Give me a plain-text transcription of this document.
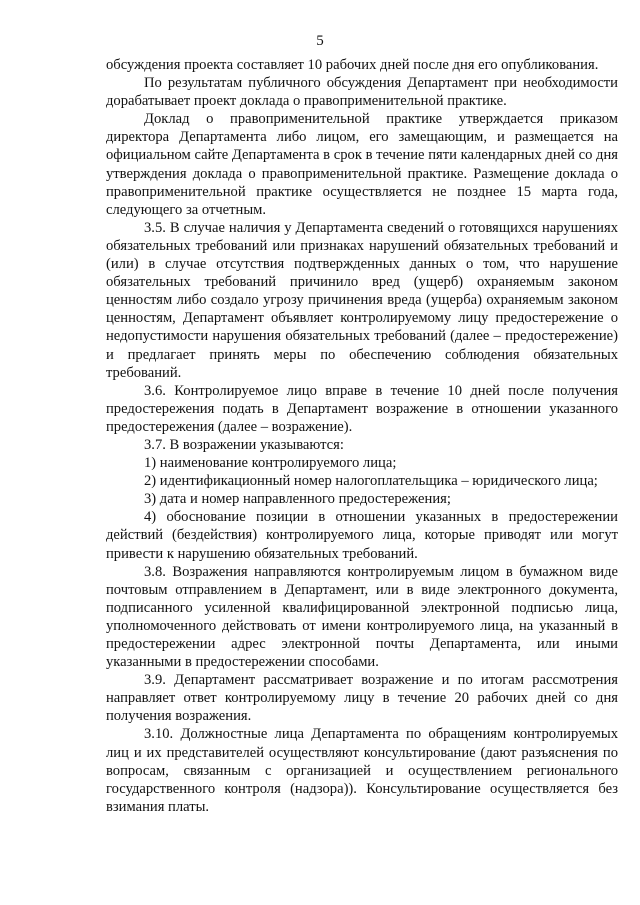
5

обсуждения проекта составляет 10 рабочих дней после дня его опубликования.

По результатам публичного обсуждения Департамент при необходимости дорабатывает проект доклада о правоприменительной практике.

Доклад о правоприменительной практике утверждается приказом директора Департамента либо лицом, его замещающим, и размещается на официальном сайте Департамента в срок в течение пяти календарных дней со дня утверждения доклада о правоприменительной практике. Размещение доклада о правоприменительной практике осуществляется не позднее 15 марта года, следующего за отчетным.

3.5. В случае наличия у Департамента сведений о готовящихся нарушениях обязательных требований или признаках нарушений обязательных требований и (или) в случае отсутствия подтвержденных данных о том, что нарушение обязательных требований причинило вред (ущерб) охраняемым законом ценностям либо создало угрозу причинения вреда (ущерба) охраняемым законом ценностям, Департамент объявляет контролируемому лицу предостережение о недопустимости нарушения обязательных требований (далее – предостережение) и предлагает принять меры по обеспечению соблюдения обязательных требований.

3.6. Контролируемое лицо вправе в течение 10 дней после получения предостережения подать в Департамент возражение в отношении указанного предостережения (далее – возражение).

3.7. В возражении указываются:

1) наименование контролируемого лица;

2) идентификационный номер налогоплательщика – юридического лица;

3) дата и номер направленного предостережения;

4) обоснование позиции в отношении указанных в предостережении действий (бездействия) контролируемого лица, которые приводят или могут привести к нарушению обязательных требований.

3.8. Возражения направляются контролируемым лицом в бумажном виде почтовым отправлением в Департамент, или в виде электронного документа, подписанного усиленной квалифицированной электронной подписью лица, уполномоченного действовать от имени контролируемого лица, на указанный в предостережении адрес электронной почты Департамента, или иными указанными в предостережении способами.

3.9. Департамент рассматривает возражение и по итогам рассмотрения направляет ответ контролируемому лицу в течение 20 рабочих дней со дня получения возражения.

3.10. Должностные лица Департамента по обращениям контролируемых лиц и их представителей осуществляют консультирование (дают разъяснения по вопросам, связанным с организацией и осуществлением регионального государственного контроля (надзора)). Консультирование осуществляется без взимания платы.
